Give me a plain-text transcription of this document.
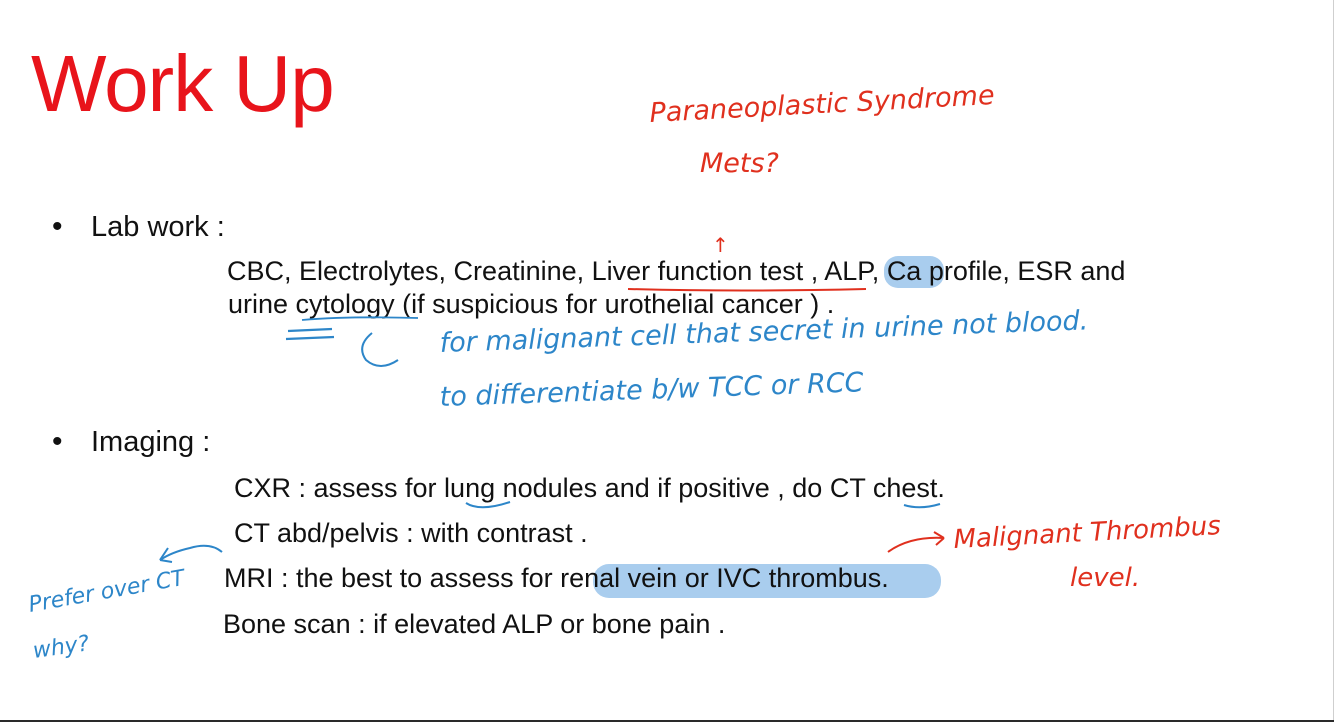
Work Up
• Lab work :
CBC, Electrolytes, Creatinine, Liver function test , ALP, Ca profile, ESR and
urine cytology (if suspicious for urothelial cancer ) .
• Imaging :
CXR : assess for lung nodules and if positive , do CT chest.
CT abd/pelvis : with contrast .
MRI : the best to assess for renal vein or IVC thrombus.
Bone scan : if elevated ALP or bone pain .
Paraneoplastic Syndrome
Mets?
↑
for malignant cell that secret in urine not blood.
to differentiate b/w TCC or RCC
Malignant Thrombus
level.
Prefer over CT
why?
